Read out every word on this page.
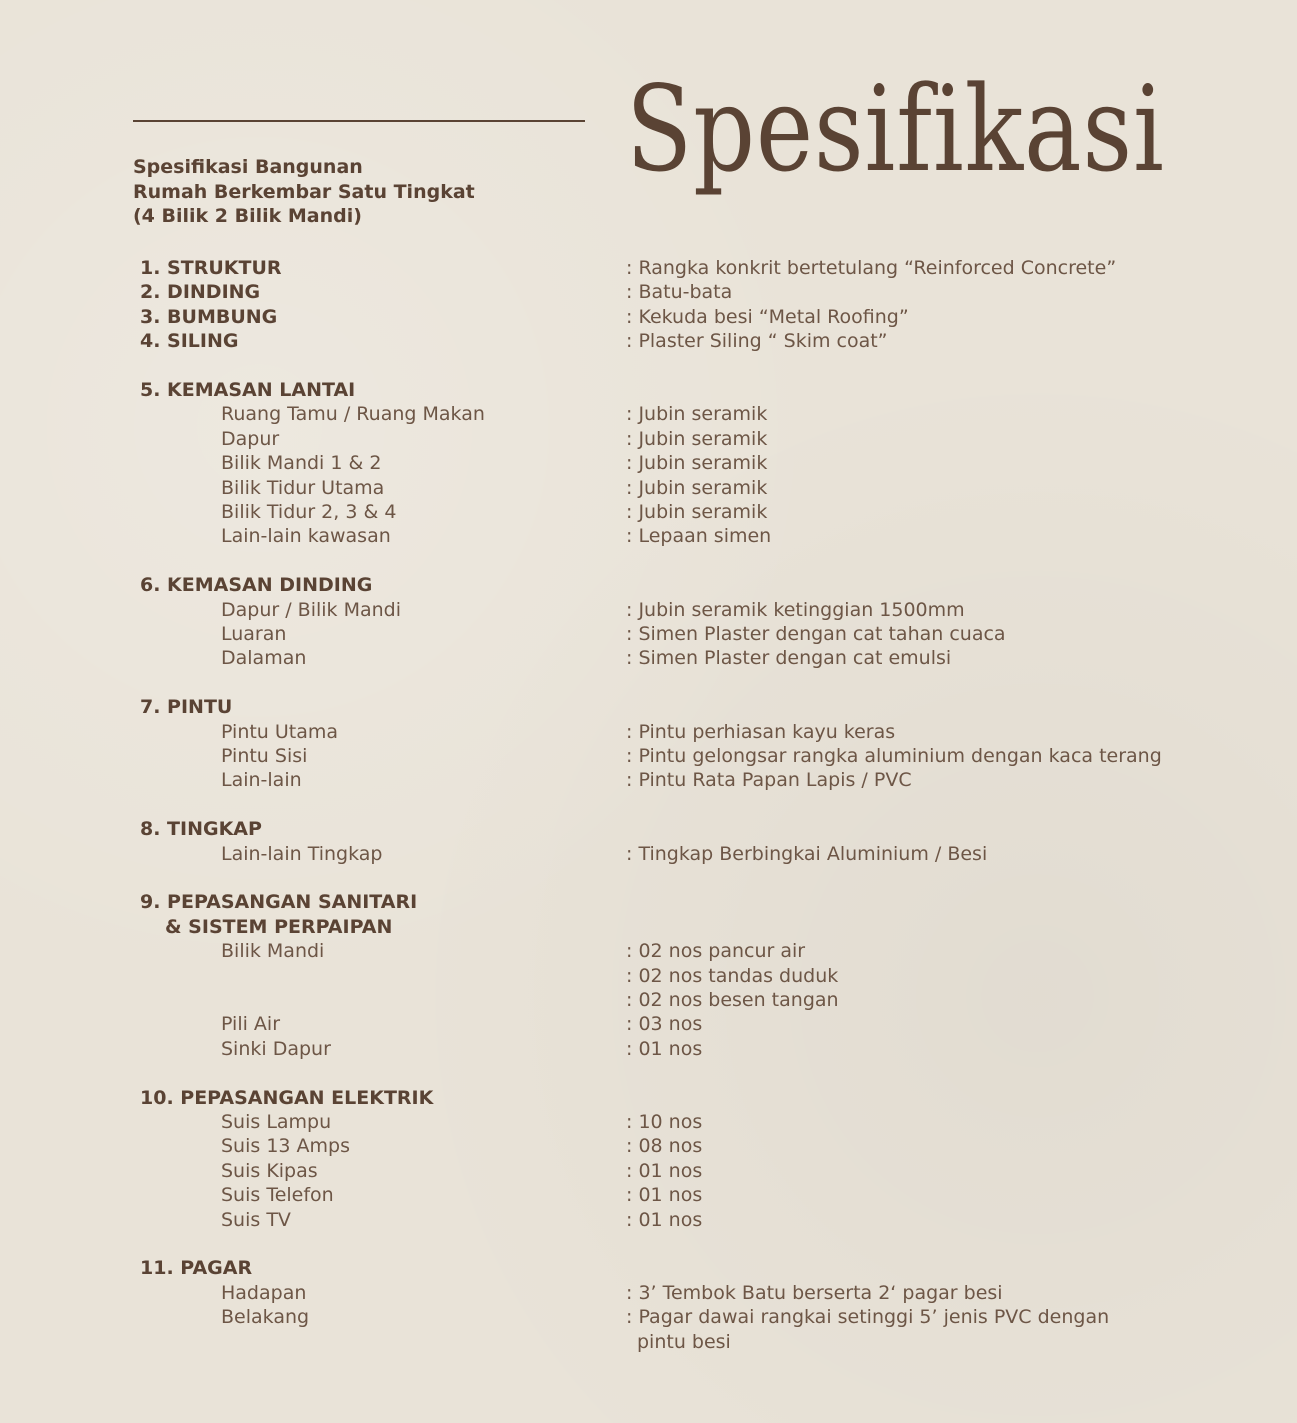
Spesifikasi
Spesifikasi Bangunan
Rumah Berkembar Satu Tingkat
(4 Bilik 2 Bilik Mandi)
1. STRUKTUR	: Rangka konkrit bertetulang “Reinforced Concrete”
2. DINDING	: Batu-bata
3. BUMBUNG	: Kekuda besi “Metal Roofing”
4. SILING	: Plaster Siling “ Skim coat”
5. KEMASAN LANTAI
Ruang Tamu / Ruang Makan	: Jubin seramik
Dapur	: Jubin seramik
Bilik Mandi 1 & 2	: Jubin seramik
Bilik Tidur Utama	: Jubin seramik
Bilik Tidur 2, 3 & 4	: Jubin seramik
Lain-lain kawasan	: Lepaan simen
6. KEMASAN DINDING
Dapur / Bilik Mandi	: Jubin seramik ketinggian 1500mm
Luaran	: Simen Plaster dengan cat tahan cuaca
Dalaman	: Simen Plaster dengan cat emulsi
7. PINTU
Pintu Utama	: Pintu perhiasan kayu keras
Pintu Sisi	: Pintu gelongsar rangka aluminium dengan kaca terang
Lain-lain	: Pintu Rata Papan Lapis / PVC
8. TINGKAP
Lain-lain Tingkap	: Tingkap Berbingkai Aluminium / Besi
9. PEPASANGAN SANITARI
& SISTEM PERPAIPAN
Bilik Mandi	: 02 nos pancur air
: 02 nos tandas duduk
: 02 nos besen tangan
Pili Air	: 03 nos
Sinki Dapur	: 01 nos
10. PEPASANGAN ELEKTRIK
Suis Lampu	: 10 nos
Suis 13 Amps	: 08 nos
Suis Kipas	: 01 nos
Suis Telefon	: 01 nos
Suis TV	: 01 nos
11. PAGAR
Hadapan	: 3’ Tembok Batu berserta 2‘ pagar besi
Belakang	: Pagar dawai rangkai setinggi 5’ jenis PVC dengan
pintu besi
